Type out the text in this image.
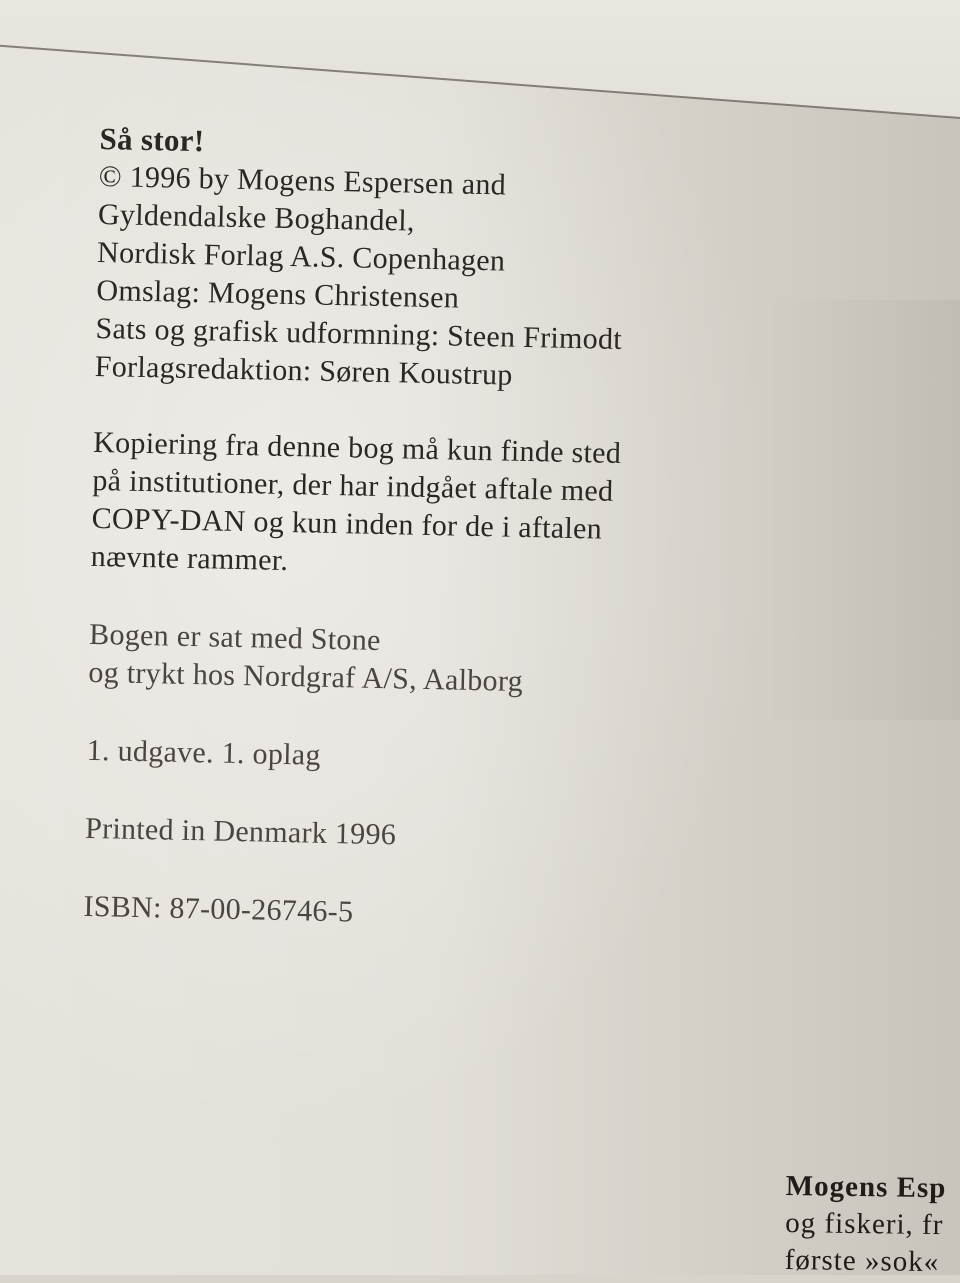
Så stor!

© 1996 by Mogens Espersen and

Gyldendalske Boghandel,

Nordisk Forlag A.S. Copenhagen

Omslag: Mogens Christensen

Sats og grafisk udformning: Steen Frimodt

Forlagsredaktion: Søren Koustrup

Kopiering fra denne bog må kun finde sted

på institutioner, der har indgået aftale med

COPY-DAN og kun inden for de i aftalen

nævnte rammer.

Bogen er sat med Stone

og trykt hos Nordgraf A/S, Aalborg

1. udgave. 1. oplag

Printed in Denmark 1996

ISBN: 87-00-26746-5

Mogens Esp
og fiskeri, fr
første »sok«
